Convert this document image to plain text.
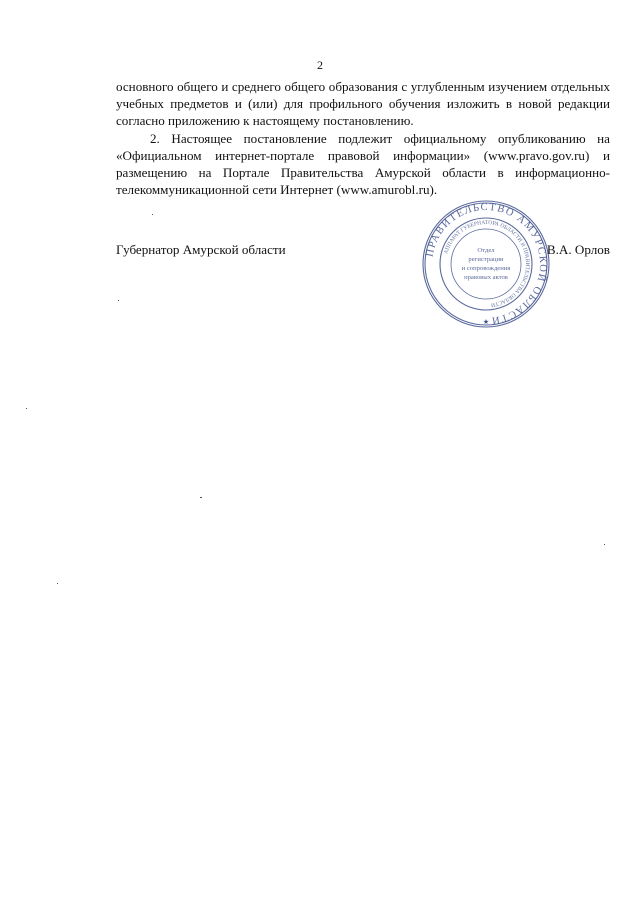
2

основного общего и среднего общего образования с углубленным изучением отдельных учебных предметов и (или) для профильного обучения изложить в новой редакции согласно приложению к настоящему постановлению.

2. Настоящее постановление подлежит официальному опубликованию на «Официальном интернет-портале правовой информации» (www.pravo.gov.ru) и размещению на Портале Правительства Амурской области в информационно-телекоммуникационной сети Интернет (www.amurobl.ru).

Губернатор Амурской области	В.А. Орлов
ПРАВИТЕЛЬСТВО АМУРСКОЙ ОБЛАСТИ
АППАРАТ ГУБЕРНАТОРА ОБЛАСТИ И ПРАВИТЕЛЬСТВА ОБЛАСТИ
Отдел
регистрации
и сопровождения
правовых актов
★
